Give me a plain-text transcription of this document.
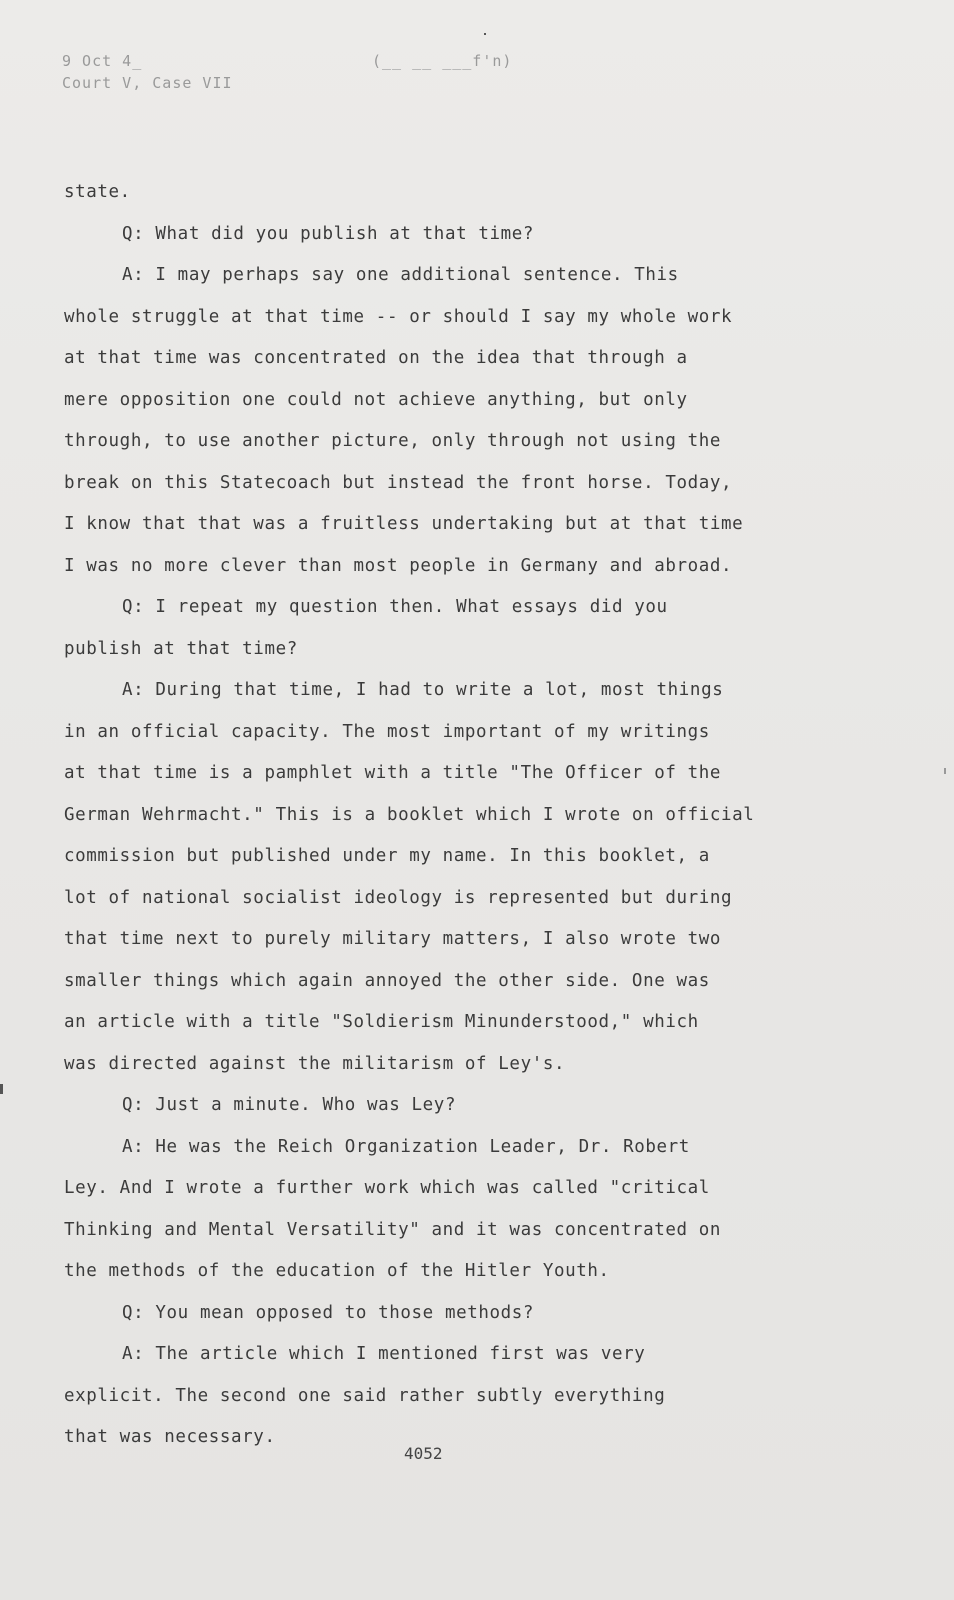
9 Oct 4_	(__ __ ___f'n)
Court V, Case VII
state.
Q: What did you publish at that time?
A: I may perhaps say one additional sentence. This
whole struggle at that time -- or should I say my whole work
at that time was concentrated on the idea that through a
mere opposition one could not achieve anything, but only
through, to use another picture, only through not using the
break on this Statecoach but instead the front horse. Today,
I know that that was a fruitless undertaking but at that time
I was no more clever than most people in Germany and abroad.
Q: I repeat my question then. What essays did you
publish at that time?
A: During that time, I had to write a lot, most things
in an official capacity. The most important of my writings
at that time is a pamphlet with a title "The Officer of the
German Wehrmacht." This is a booklet which I wrote on official
commission but published under my name. In this booklet, a
lot of national socialist ideology is represented but during
that time next to purely military matters, I also wrote two
smaller things which again annoyed the other side. One was
an article with a title "Soldierism Minunderstood," which
was directed against the militarism of Ley's.
Q: Just a minute. Who was Ley?
A: He was the Reich Organization Leader, Dr. Robert
Ley. And I wrote a further work which was called "critical
Thinking and Mental Versatility" and it was concentrated on
the methods of the education of the Hitler Youth.
Q: You mean opposed to those methods?
A: The article which I mentioned first was very
explicit. The second one said rather subtly everything
that was necessary.
4052
